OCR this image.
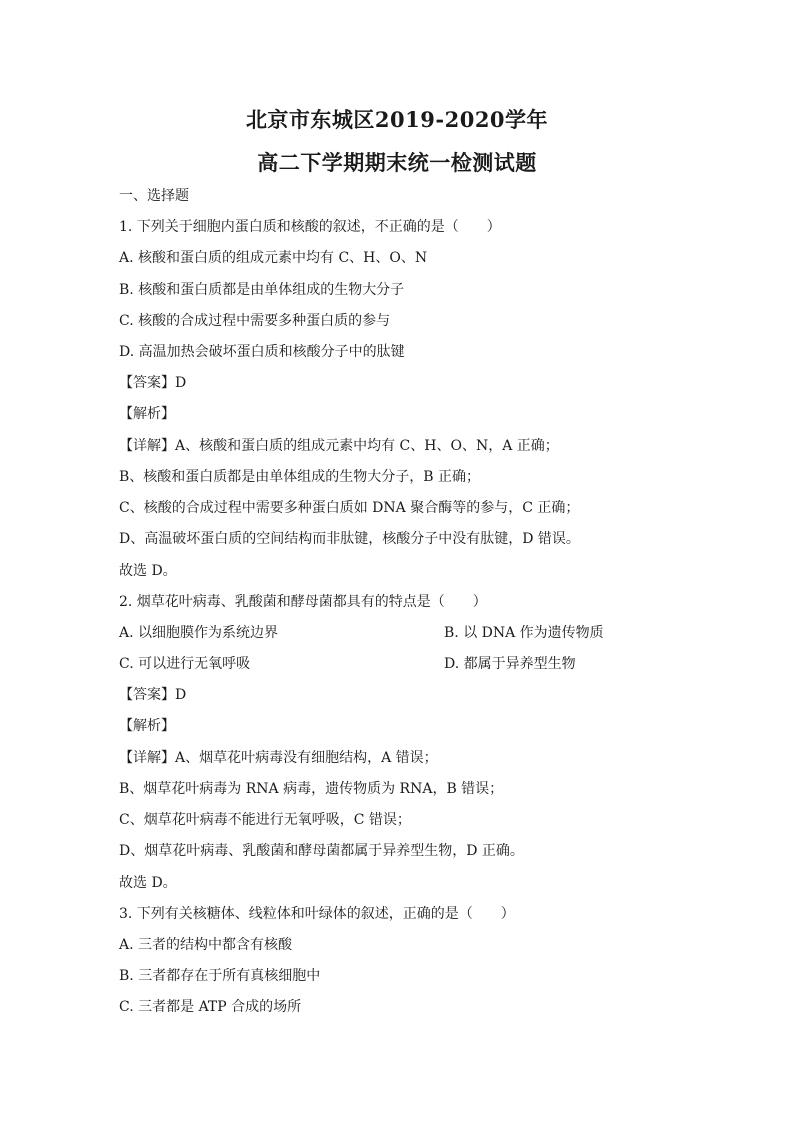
北京市东城区2019-2020学年
高二下学期期末统一检测试题
一、选择题
1. 下列关于细胞内蛋白质和核酸的叙述，不正确的是（　　）
A. 核酸和蛋白质的组成元素中均有 C、H、O、N
B. 核酸和蛋白质都是由单体组成的生物大分子
C. 核酸的合成过程中需要多种蛋白质的参与
D. 高温加热会破坏蛋白质和核酸分子中的肽键
【答案】D
【解析】
【详解】A、核酸和蛋白质的组成元素中均有 C、H、O、N，A 正确；
B、核酸和蛋白质都是由单体组成的生物大分子，B 正确；
C、核酸的合成过程中需要多种蛋白质如 DNA 聚合酶等的参与，C 正确；
D、高温破坏蛋白质的空间结构而非肽键，核酸分子中没有肽键，D 错误。
故选 D。
2. 烟草花叶病毒、乳酸菌和酵母菌都具有的特点是（　　）
A. 以细胞膜作为系统边界	B. 以 DNA 作为遗传物质
C. 可以进行无氧呼吸	D. 都属于异养型生物
【答案】D
【解析】
【详解】A、烟草花叶病毒没有细胞结构，A 错误；
B、烟草花叶病毒为 RNA 病毒，遗传物质为 RNA，B 错误；
C、烟草花叶病毒不能进行无氧呼吸，C 错误；
D、烟草花叶病毒、乳酸菌和酵母菌都属于异养型生物，D 正确。
故选 D。
3. 下列有关核糖体、线粒体和叶绿体的叙述，正确的是（　　）
A. 三者的结构中都含有核酸
B. 三者都存在于所有真核细胞中
C. 三者都是 ATP 合成的场所
